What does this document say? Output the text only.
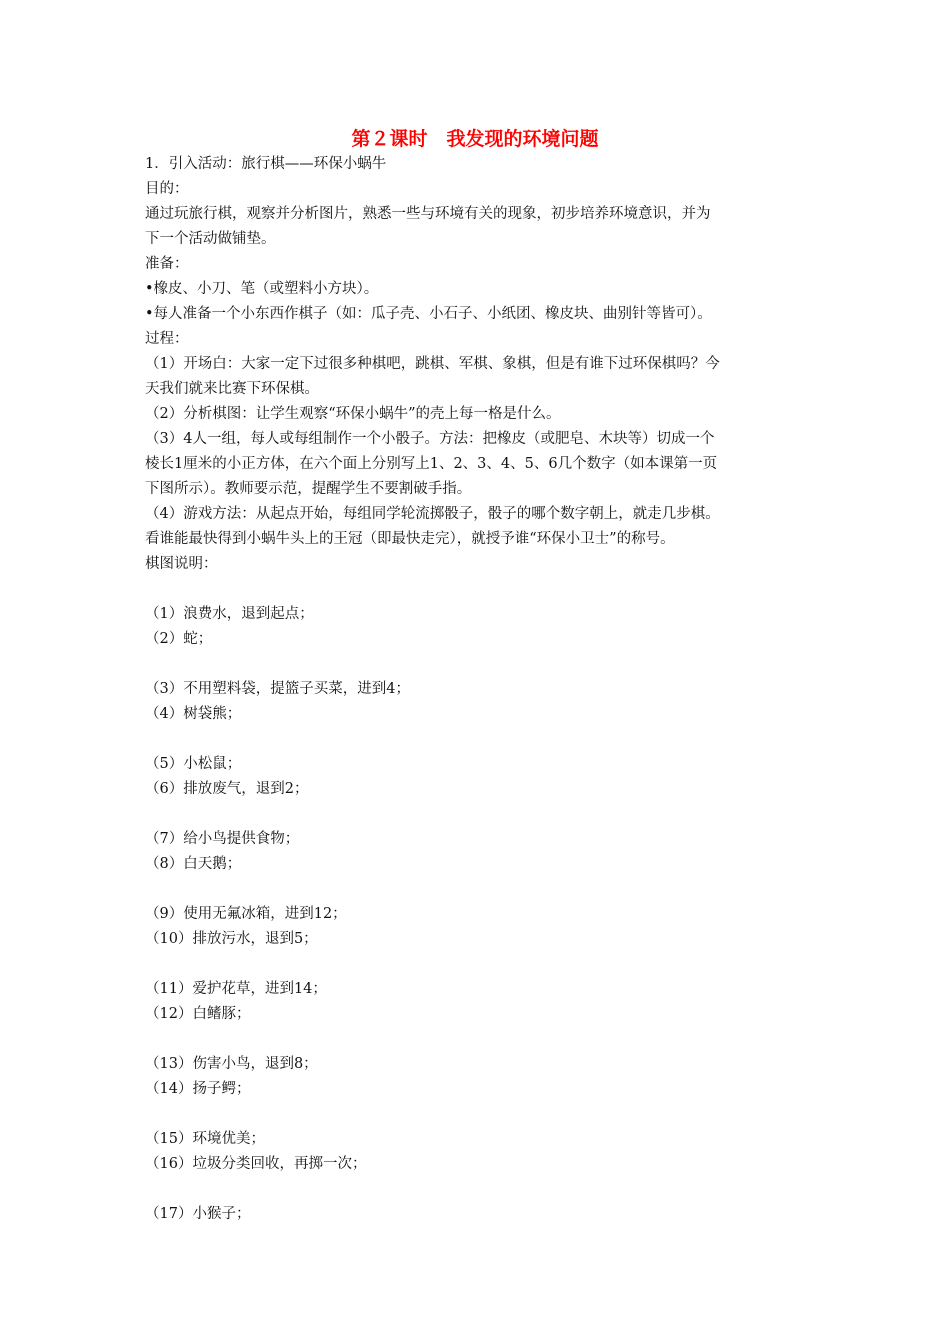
第２课时　我发现的环境问题

1．引入活动：旅行棋——环保小蜗牛

目的：

通过玩旅行棋，观察并分析图片，熟悉一些与环境有关的现象，初步培养环境意识，并为

下一个活动做铺垫。

准备：

•橡皮、小刀、笔（或塑料小方块）。

•每人准备一个小东西作棋子（如：瓜子壳、小石子、小纸团、橡皮块、曲别针等皆可）。

过程：

（1）开场白：大家一定下过很多种棋吧，跳棋、军棋、象棋，但是有谁下过环保棋吗？今

天我们就来比赛下环保棋。

（2）分析棋图：让学生观察“环保小蜗牛”的壳上每一格是什么。

（3）4人一组，每人或每组制作一个小骰子。方法：把橡皮（或肥皂、木块等）切成一个

棱长1厘米的小正方体，在六个面上分别写上1、2、3、4、5、6几个数字（如本课第一页

下图所示）。教师要示范，提醒学生不要割破手指。

（4）游戏方法：从起点开始，每组同学轮流掷骰子，骰子的哪个数字朝上，就走几步棋。

看谁能最快得到小蜗牛头上的王冠（即最快走完），就授予谁“环保小卫士”的称号。

棋图说明：

（1）浪费水，退到起点；

（2）蛇；

（3）不用塑料袋，提篮子买菜，进到4；

（4）树袋熊；

（5）小松鼠；

（6）排放废气，退到2；

（7）给小鸟提供食物；

（8）白天鹅；

（9）使用无氟冰箱，进到12；

（10）排放污水，退到5；

（11）爱护花草，进到14；

（12）白鳍豚；

（13）伤害小鸟，退到8；

（14）扬子鳄；

（15）环境优美；

（16）垃圾分类回收，再掷一次；

（17）小猴子；
